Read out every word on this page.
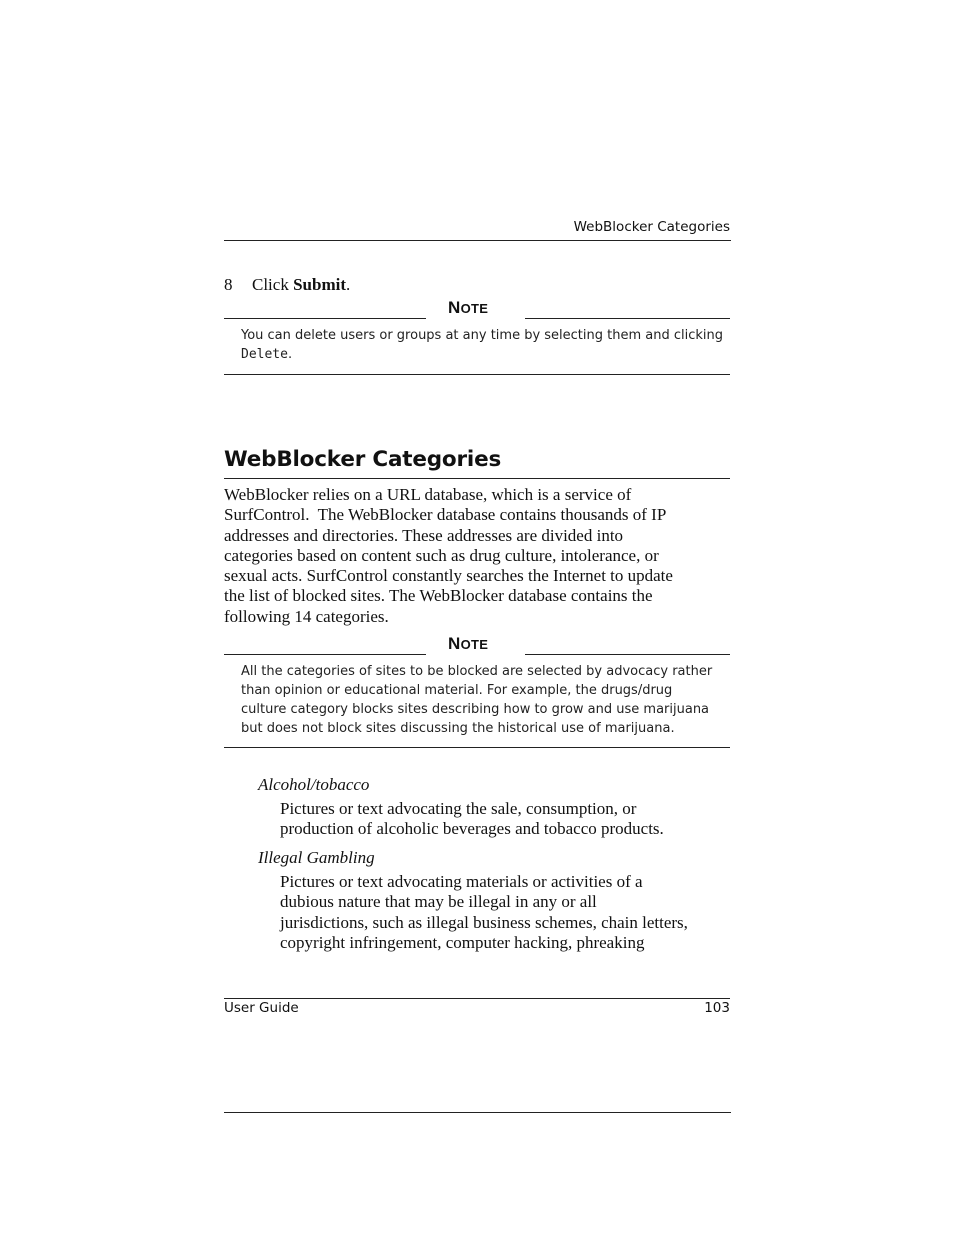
WebBlocker Categories
8 Click Submit.
NOTE
You can delete users or groups at any time by selecting them and clicking
Delete.
WebBlocker Categories
WebBlocker relies on a URL database, which is a service of
SurfControl.  The WebBlocker database contains thousands of IP
addresses and directories. These addresses are divided into
categories based on content such as drug culture, intolerance, or
sexual acts. SurfControl constantly searches the Internet to update
the list of blocked sites. The WebBlocker database contains the
following 14 categories.
NOTE
All the categories of sites to be blocked are selected by advocacy rather
than opinion or educational material. For example, the drugs/drug
culture category blocks sites describing how to grow and use marijuana
but does not block sites discussing the historical use of marijuana.
Alcohol/tobacco
Pictures or text advocating the sale, consumption, or
production of alcoholic beverages and tobacco products.
Illegal Gambling
Pictures or text advocating materials or activities of a
dubious nature that may be illegal in any or all
jurisdictions, such as illegal business schemes, chain letters,
copyright infringement, computer hacking, phreaking
User Guide	103
